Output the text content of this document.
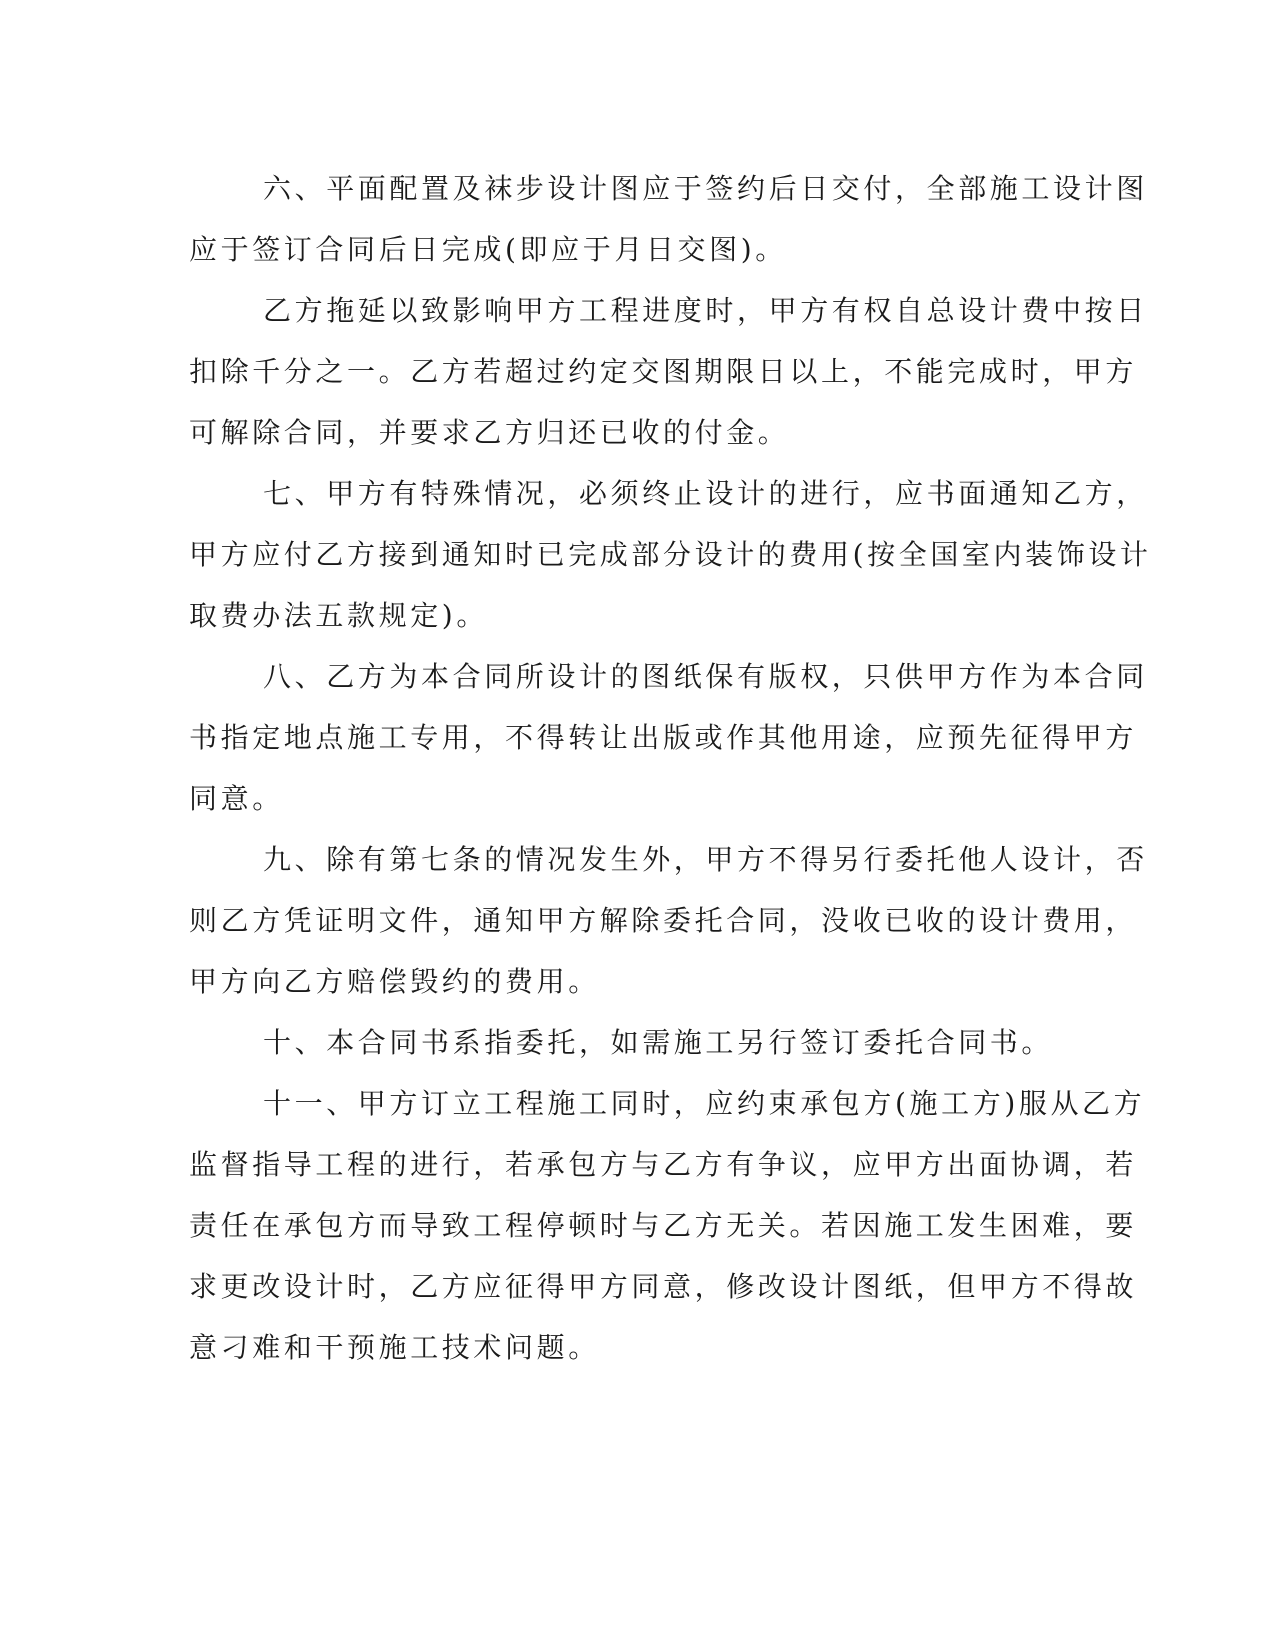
六、平面配置及袜步设计图应于签约后日交付，全部施工设计图
应于签订合同后日完成(即应于月日交图)。
乙方拖延以致影响甲方工程进度时，甲方有权自总设计费中按日
扣除千分之一。乙方若超过约定交图期限日以上，不能完成时，甲方
可解除合同，并要求乙方归还已收的付金。
七、甲方有特殊情况，必须终止设计的进行，应书面通知乙方，
甲方应付乙方接到通知时已完成部分设计的费用(按全国室内装饰设计
取费办法五款规定)。
八、乙方为本合同所设计的图纸保有版权，只供甲方作为本合同
书指定地点施工专用，不得转让出版或作其他用途，应预先征得甲方
同意。
九、除有第七条的情况发生外，甲方不得另行委托他人设计，否
则乙方凭证明文件，通知甲方解除委托合同，没收已收的设计费用，
甲方向乙方赔偿毁约的费用。
十、本合同书系指委托，如需施工另行签订委托合同书。
十一、甲方订立工程施工同时，应约束承包方(施工方)服从乙方
监督指导工程的进行，若承包方与乙方有争议，应甲方出面协调，若
责任在承包方而导致工程停顿时与乙方无关。若因施工发生困难，要
求更改设计时，乙方应征得甲方同意，修改设计图纸，但甲方不得故
意刁难和干预施工技术问题。
